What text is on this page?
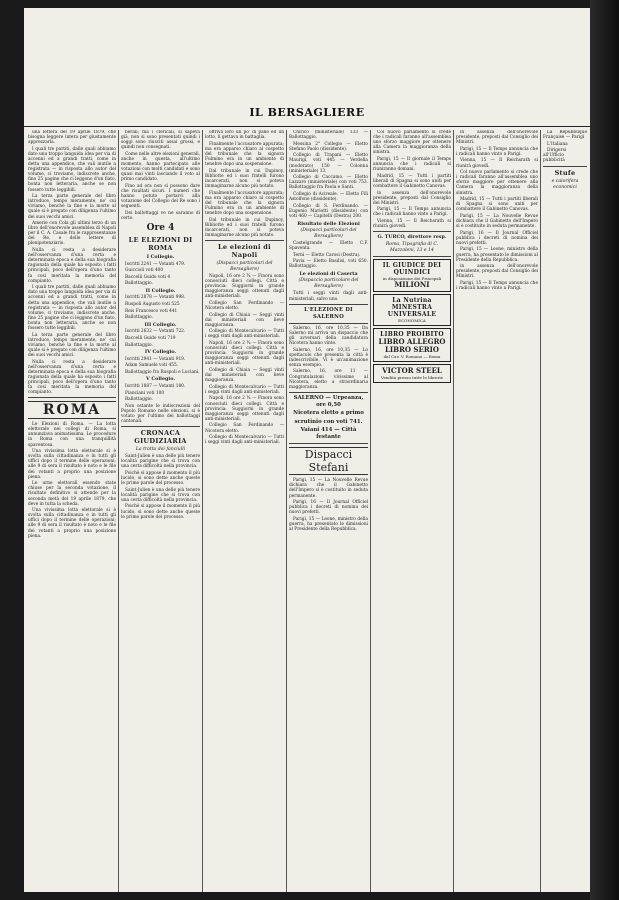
IL BERSAGLIERE

una lettera del 19 aprile 1879, che bisogna leggere intera per giustamente apprezzarla.

I quali tre partiti, dalle quali abbiamo dato una troppo languida idea per via di accenni ed a grandi tratti, come in detta una appendice, che vali inutile a registrata — in risposta allo autor del volume, ci troviamo, indiscrete anche, fino 25 pagine che ci leggono d'un fiato, bonta non letteraria, anche se non fossero tutte leggibili.

La terza parte generale del libro introduce, tempo meramente, ne' cui viviamo, benchè la fine e la morte al quale si è pregato con diligenza l'ultimo dei suoi vecchi amici.

Amerie con Cola gli ultimi terzo di un libro dell'onorevole assemblea di Napoli per il C. A. Casale fra le rappresentanze del Re, e delle lettere di plenipotenziario.

Nulla ci resta a desiderare nell'osservanza d'una certa e determinata epoca e della sua biografia ragionata della quale ha esposto i fatti principali, poco dell'opera d'uno tanto fa così meritata la memoria del compianto.

I quali tre partiti, dalle quali abbiamo dato una troppo languida idea per via di accenni ed a grandi tratti, come in detta una appendice, che vali inutile a registrata — in risposta allo autor del volume, ci troviamo, indiscrete anche, fino 25 pagine che ci leggono d'un fiato, bonta non letteraria, anche se non fossero tutte leggibili.

La terza parte generale del libro introduce, tempo meramente, ne' cui viviamo, benchè la fine e la morte al quale si è pregato con diligenza l'ultimo dei suoi vecchi amici.

Nulla ci resta a desiderare nell'osservanza d'una certa e determinata epoca e della sua biografia ragionata della quale ha esposto i fatti principali, poco dell'opera d'uno tanto fa così meritata la memoria del compianto.

ROMA

Le Elezioni di Roma. — La lotta elettorale nei collegi di Roma, si annunziava animatissima. Le procedure in Roma con una tranquillità spaventosa.

Una vivissima lotta elettorale si è svolta sulla cittadinanza e in tutti gli uffici dopo il termine delle operazioni; alle 9 di sera il risultato è noto e le file dei votanti a proprio una posizione piena.

Le urne elettorali essendo state chiuse per la seconda votazione, il risultato definitivo si attende per la seconda metà del 19 aprile 1879, che deve in tutta la scheda.

Una vivissima lotta elettorale si è svolta sulla cittadinanza e in tutti gli uffici dopo il termine delle operazioni; alle 9 di sera il risultato è noto e le file dei votanti a proprio una posizione piena.

berali; ma i clericali, si sapeva già, non si sono presentati quindi i soggi sono riusciti assai grossi, e quindi non consegnati.

Come nelle altre elezioni generali, anche in questa, all'ultimo momento, hanno partecipato alle votazioni con molti candidati e sono quasi mai vinti lasciando il voto al primo candidato.

Fino ad ora non si possono dare che risultati sicuri. I numeri che hanno potuto portarci alla votazione del Collegio del Re sono i seguenti.

Dei ballottaggi ve ne saranno di certo.

Ore 4
LE ELEZIONI DI ROMA
I Collegio.

Iscritti 2241 — Votanti 479.

Guiccioli voti 400

Baccelli Guido voti 4

Ballottaggio.

II Collegio.

Iscritti 2878 — Votanti 998.

Ruspoli Augusto voti 525

Reis Francesco voti 441

Ballottaggio.

III Collegio.

Iscritti 2632 — Votanti 722.

Baccelli Guido voti 719

Ballottaggio.

IV Collegio.

Iscritti 2941 — Votanti 919.

Adam Samuele voti 455.

Ballottaggio fra Ruspoli e Luciani.

V Collegio.

Iscritti 1887 — Votanti 180.

Pianciani voti 100

Ballottaggio.

Non ostante le indiscrezioni del Popolo Romano nelle elezioni, si è votato per l'ultimo dei ballottaggi cantonali.

CRONACA GIUDIZIARIA
La tratta dei fanciulli

Saint-Julien è una delle più tenere località parigine che si trova con una certa difficoltà nella provincia.

Poichè si appose il momento il più lucido, si sono dette anche queste le prime parole del processo.

Saint-Julien è una delle più tenere località parigine che si trova con una certa difficoltà nella provincia.

Poichè si appose il momento il più lucido, si sono dette anche queste le prime parole del processo.

offriva loro un po' di pane ed un lotto, li gettava in battaglia.

Finalmente l'accusatore appurata; ma era apparso chiaro al cospetto del tribunale che la signora Fulmino era in un ambiente di tenebre dopo una sospensione.

Dal tribunale in cui Dupinoy, Bibliotte ed i suoi fratelli furono incarcerati, non si poteva immaginarne alcuno più notato.

Finalmente l'accusatore appurata; ma era apparso chiaro al cospetto del tribunale che la signora Fulmino era in un ambiente di tenebre dopo una sospensione.

Dal tribunale in cui Dupinoy, Bibliotte ed i suoi fratelli furono incarcerati, non si poteva immaginarne alcuno più notato.

Le elezioni di Napoli
(Dispacci particolari del Bersagliere)

Napoli, 16 ore 2 ¾ — Finora sono conosciuti dieci collegi. Città e provincia: Suggiorni in grande maggioranza seggi ottenuti dagli anti-ministeriali.

Collegio San Ferdinando — Nicotera eletto.

Collegio di Chiaia — Seggi vinti dai ministeriali con lieve maggioranza.

Collegio di Montecalvario — Tutti i seggi vinti dagli anti-ministeriali.

Napoli, 16 ore 2 ¾ — Finora sono conosciuti dieci collegi. Città e provincia: Suggiorni in grande maggioranza seggi ottenuti dagli anti-ministeriali.

Collegio di Chiaia — Seggi vinti dai ministeriali con lieve maggioranza.

Collegio di Montecalvario — Tutti i seggi vinti dagli anti-ministeriali.

Napoli, 16 ore 2 ¾ — Finora sono conosciuti dieci collegi. Città e provincia: Suggiorni in grande maggioranza seggi ottenuti dagli anti-ministeriali.

Collegio San Ferdinando — Nicotera eletto.

Collegio di Montecalvario — Tutti i seggi vinti dagli anti-ministeriali.

Chirico (ministeriale) 133 — Ballottaggio.

Messina 2° Collegio — Eletto Stefano Paolo (dissidente).

Collegio di Trapani — Eletto Maurigi, voti 445 — Verdella (moderato) 150 — Colonna (ministeriale) 13.

Collegio di Caccamo. — Eletto Lazzaro (ministeriale) con voti 753. Ballottaggio fra Paola e Santi.

Collegio di Acireale. — Eletto Filì Astolfone (dissidente).

Collegio di S. Ferdinando. — Eugenio Mariotti (dissidente) con voti 460 — Capitelli (Destra) 200.

Risultato delle Elezioni
(Dispacci particolari del Bersagliere)

Castelgrande — Eletto C.F. Spaventa.

Terni — Eletto Carosi (Destra).

Pavia — Eletto Basilisi, voti 650. Ballottaggio.

Le elezioni di Caserta
(Dispaccio particolare del Bersagliere)

Tutti i seggi vinti dagli anti-ministeriali, salvo uno.

L'ELEZIONE DI SALERNO

Salerno, 16, ore 10,35 — Da Salerno mi arriva un dispaccio che gli avversari della candidatura Nicotera hanno vinto.

Salerno, 16, ore 10,35 — Lo spettacolo che presenta la città è indescrivibile. Vi è un'animazione senza esempio.

Salerno, 16, ore 11 — Congratulazioni vivissime al Nicotera, eletto a straordinaria maggioranza.

SALERNO — Urpeanza, ore 0,50
Nicotera eletto a primo
scrutinio con voti 741.
Vaiani 414 — Città festante
Dispacci Stefani

Parigi, 15 — La Nouvelle Revue dichiara che il Gabinetto dell'Impero si è costituito in seduta permanente.

Parigi, 16 — Il Journal Officiel pubblica i decreti di nomina dei nuovi prefetti.

Parigi, 15 — Leone, ministro della guerra, ha presentato le dimissioni al Presidente della Repubblica.

Col nuovo parlamento si crede che i radicali faranno all'assemblea uno sforzo maggiore per ottenere alla Camera la maggioranza della sinistra.

Parigi, 15 — Il giornale il Temps annuncia che i radicali si riuniranno domani.

Madrid, 15 — Tutti i partiti liberali di Spagna si sono uniti per combattere il Gabinetto Canovas.

in assenza dell'onorevole presidente, preposti dal Consiglio dei Ministri.

Parigi, 15 — Il Temps annuncia che i radicali hanno vinto a Parigi.

Vienna, 15 — Il Reichsrath si riunirà giovedì.

G. TURCO, direttore resp.
Roma, Tipografia di C. Mazzoleni, 13 e 14
IL GIUDICE DEI QUINDICI
in disposizione dei Principali
MILIONI
La Nutrina
MINESTRA UNIVERSALE
ECONOMICA
LIBRO PROIBITO
LIBRO ALLEGRO
LIBRO SERIO
dal Cav. V. Romano — Roma
VICTOR STEEL
Vendita presso tutte le librerie

in assenza dell'onorevole presidente, preposti dal Consiglio dei Ministri.

Parigi, 15 — Il Temps annuncia che i radicali hanno vinto a Parigi.

Vienna, 15 — Il Reichsrath si riunirà giovedì.

Col nuovo parlamento si crede che i radicali faranno all'assemblea uno sforzo maggiore per ottenere alla Camera la maggioranza della sinistra.

Madrid, 15 — Tutti i partiti liberali di Spagna si sono uniti per combattere il Gabinetto Canovas.

Parigi, 15 — La Nouvelle Revue dichiara che il Gabinetto dell'Impero si è costituito in seduta permanente.

Parigi, 16 — Il Journal Officiel pubblica i decreti di nomina dei nuovi prefetti.

Parigi, 15 — Leone, ministro della guerra, ha presentato le dimissioni al Presidente della Repubblica.

in assenza dell'onorevole presidente, preposti dal Consiglio dei Ministri.

Parigi, 15 — Il Temps annuncia che i radicali hanno vinto a Parigi.

La Repubblique Française — Parigi

L'Italiana

Dirigersi all'Ufficio pubblicità

Stufe
e calorifera economici
